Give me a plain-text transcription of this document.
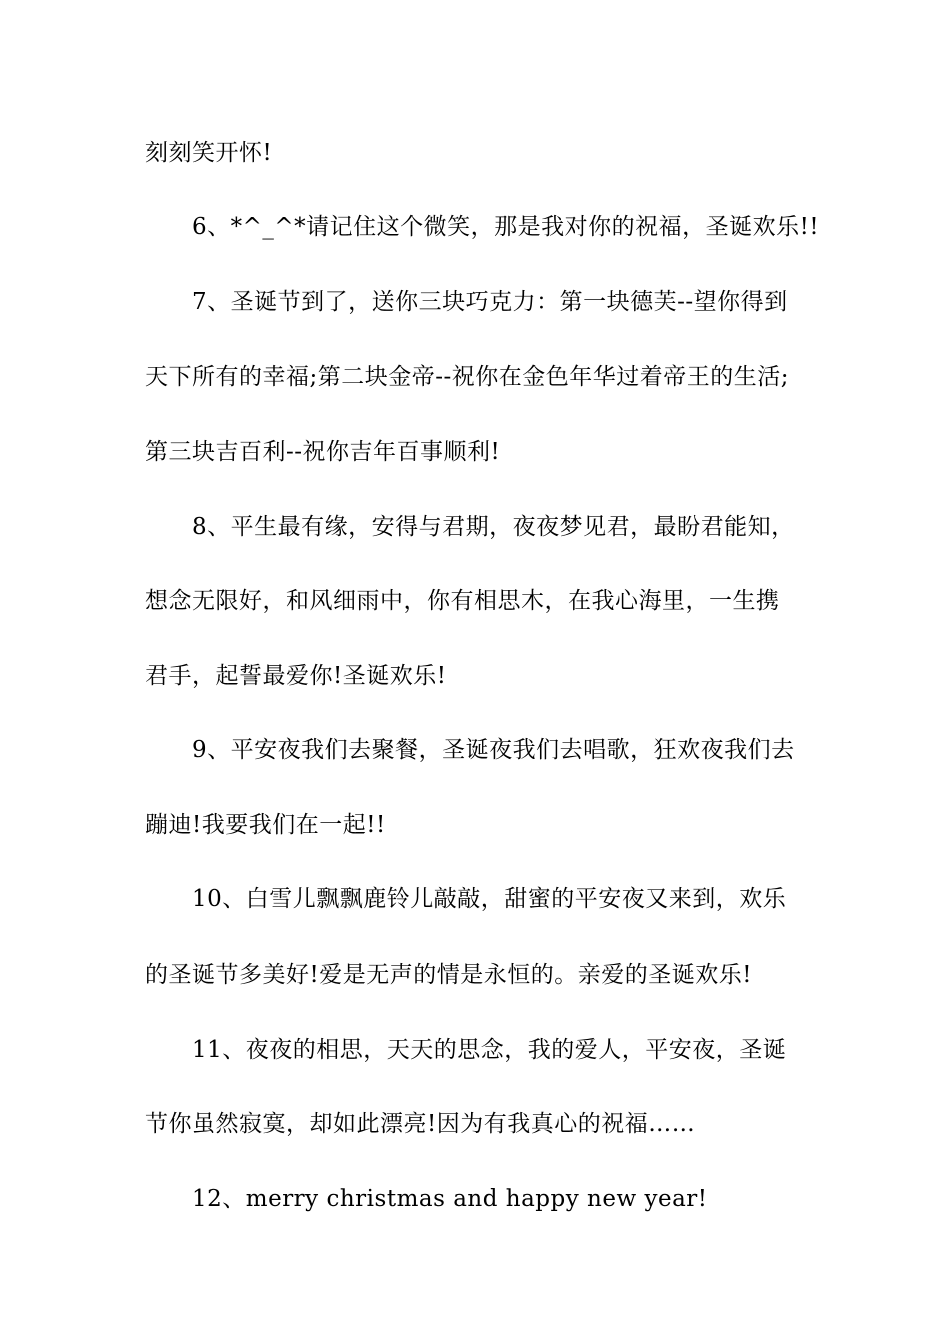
刻刻笑开怀!
6、*^_^*请记住这个微笑，那是我对你的祝福，圣诞欢乐!!
7、圣诞节到了，送你三块巧克力：第一块德芙--望你得到
天下所有的幸福;第二块金帝--祝你在金色年华过着帝王的生活;
第三块吉百利--祝你吉年百事顺利!
8、平生最有缘，安得与君期，夜夜梦见君，最盼君能知，
想念无限好，和风细雨中，你有相思木，在我心海里，一生携
君手，起誓最爱你!圣诞欢乐!
9、平安夜我们去聚餐，圣诞夜我们去唱歌，狂欢夜我们去
蹦迪!我要我们在一起!!
10、白雪儿飘飘鹿铃儿敲敲，甜蜜的平安夜又来到，欢乐
的圣诞节多美好!爱是无声的情是永恒的。亲爱的圣诞欢乐!
11、夜夜的相思，天天的思念，我的爱人，平安夜，圣诞
节你虽然寂寞，却如此漂亮!因为有我真心的祝福……
12、merry christmas and happy new year!
